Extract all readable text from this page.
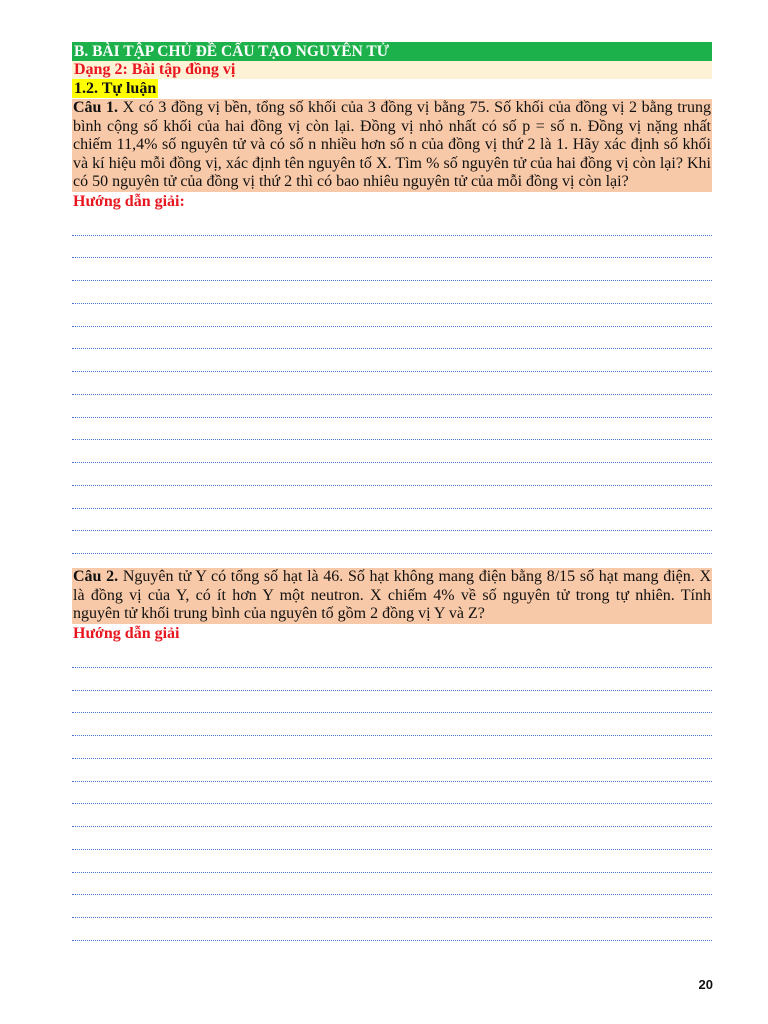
B. BÀI TẬP CHỦ ĐỀ CẤU TẠO NGUYÊN TỬ
Dạng 2: Bài tập đồng vị
1.2. Tự luận
Câu 1. X có 3 đồng vị bền, tổng số khối của 3 đồng vị bằng 75. Số khối của đồng vị 2 bằng trung bình cộng số khối của hai đồng vị còn lại. Đồng vị nhỏ nhất có số p = số n. Đồng vị nặng nhất chiếm 11,4% số nguyên tử và có số n nhiều hơn số n của đồng vị thứ 2 là 1. Hãy xác định số khối và kí hiệu mỗi đồng vị, xác định tên nguyên tố X. Tìm % số nguyên tử của hai đồng vị còn lại? Khi có 50 nguyên tử của đồng vị thứ 2 thì có bao nhiêu nguyên tử của mỗi đồng vị còn lại?
Hướng dẫn giải:
Câu 2. Nguyên tử Y có tổng số hạt là 46. Số hạt không mang điện bằng 8/15 số hạt mang điện. X là đồng vị của Y, có ít hơn Y một neutron. X chiếm 4% về số nguyên tử trong tự nhiên. Tính nguyên tử khối trung bình của nguyên tố gồm 2 đồng vị Y và Z?
Hướng dẫn giải
20
